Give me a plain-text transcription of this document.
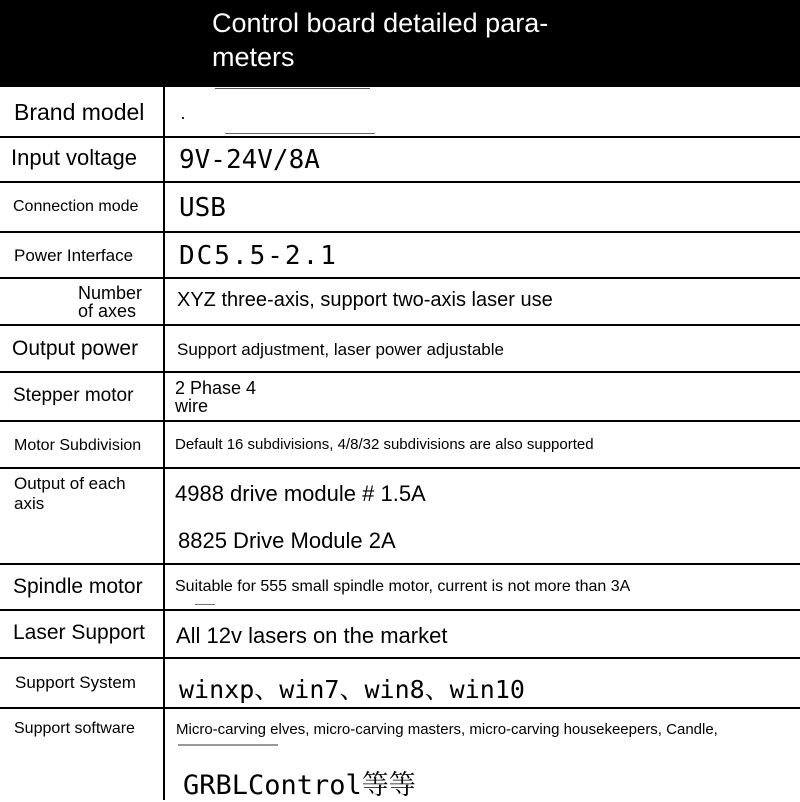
Control board detailed para- meters
Brand model
Input voltage	9V-24V/8A
Connection mode	USB
Power Interface	DC5.5-2.1
Number of axes	XYZ three-axis, support two-axis laser use
Output power	Support adjustment, laser power adjustable
Stepper motor	2 Phase 4 wire
Motor Subdivision	Default 16 subdivisions, 4/8/32 subdivisions are also supported
Output of each axis	4988 drive module # 1.5A
8825 Drive Module 2A
Spindle motor	Suitable for 555 small spindle motor, current is not more than 3A
Laser Support	All 12v lasers on the market
Support System	winxp、win7、win8、win10
Support software	Micro-carving elves, micro-carving masters, micro-carving housekeepers, Candle,
GRBLControl等等
